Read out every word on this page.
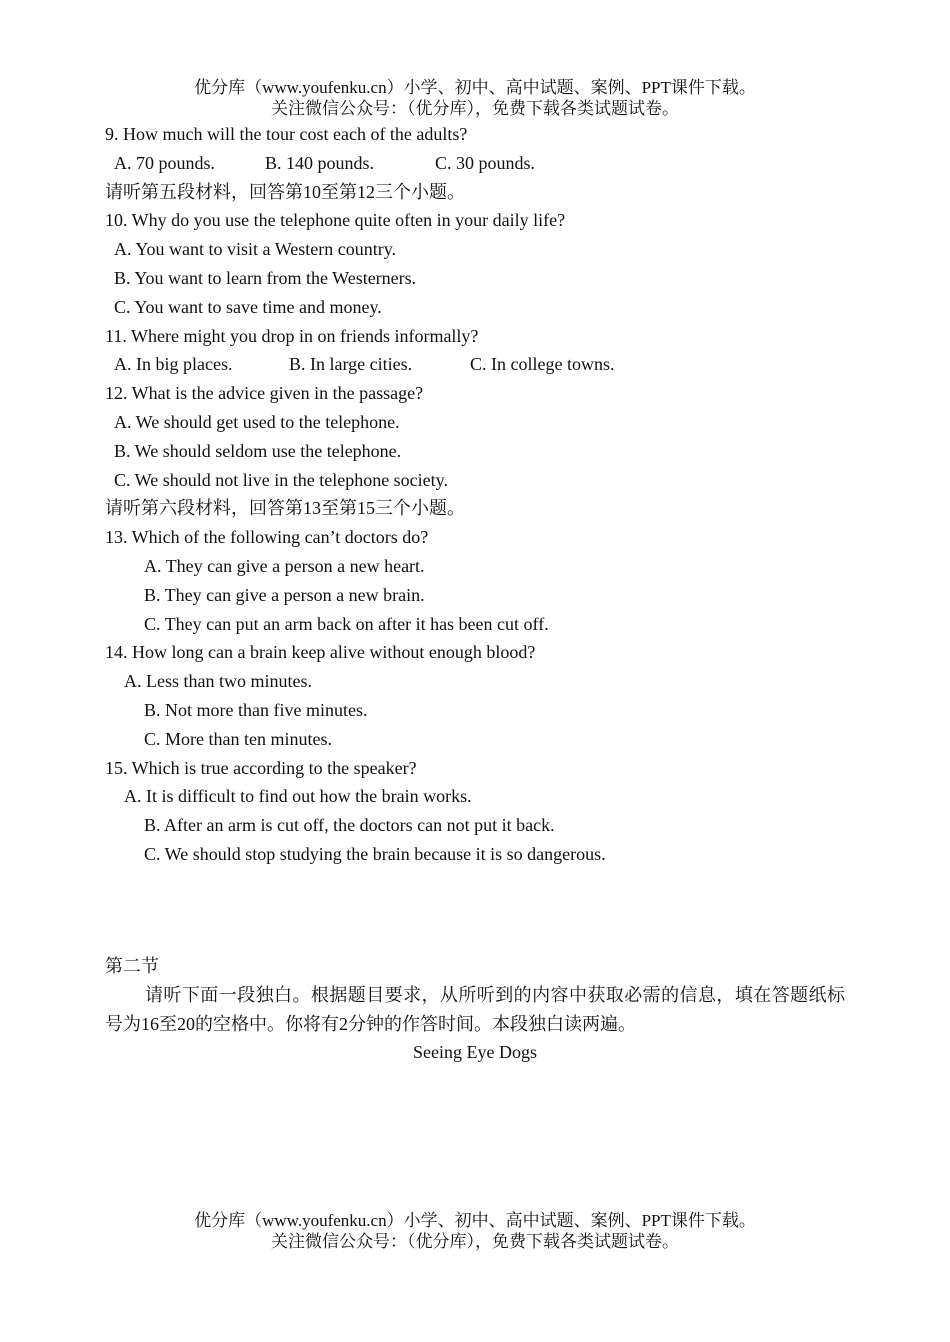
优分库（www.youfenku.cn）小学、初中、高中试题、案例、PPT课件下载。
关注微信公众号：（优分库），免费下载各类试题试卷。
9. How much will the tour cost each of the adults?
A. 70 pounds.	B. 140 pounds.	C. 30 pounds.
请听第五段材料，回答第10至第12三个小题。
10. Why do you use the telephone quite often in your daily life?
A. You want to visit a Western country.
B. You want to learn from the Westerners.
C. You want to save time and money.
11. Where might you drop in on friends informally?
A. In big places.	B. In large cities.	C. In college towns.
12. What is the advice given in the passage?
A. We should get used to the telephone.
B. We should seldom use the telephone.
C. We should not live in the telephone society.
请听第六段材料，回答第13至第15三个小题。
13. Which of the following can’t doctors do?
A. They can give a person a new heart.
B. They can give a person a new brain.
C. They can put an arm back on after it has been cut off.
14. How long can a brain keep alive without enough blood?
A. Less than two minutes.
B. Not more than five minutes.
C. More than ten minutes.
15. Which is true according to the speaker?
A. It is difficult to find out how the brain works.
B. After an arm is cut off, the doctors can not put it back.
C. We should stop studying the brain because it is so dangerous.
第二节
请听下面一段独白。根据题目要求，从所听到的内容中获取必需的信息，填在答题纸标号为16至20的空格中。你将有2分钟的作答时间。本段独白读两遍。
Seeing Eye Dogs
优分库（www.youfenku.cn）小学、初中、高中试题、案例、PPT课件下载。
关注微信公众号：（优分库），免费下载各类试题试卷。
